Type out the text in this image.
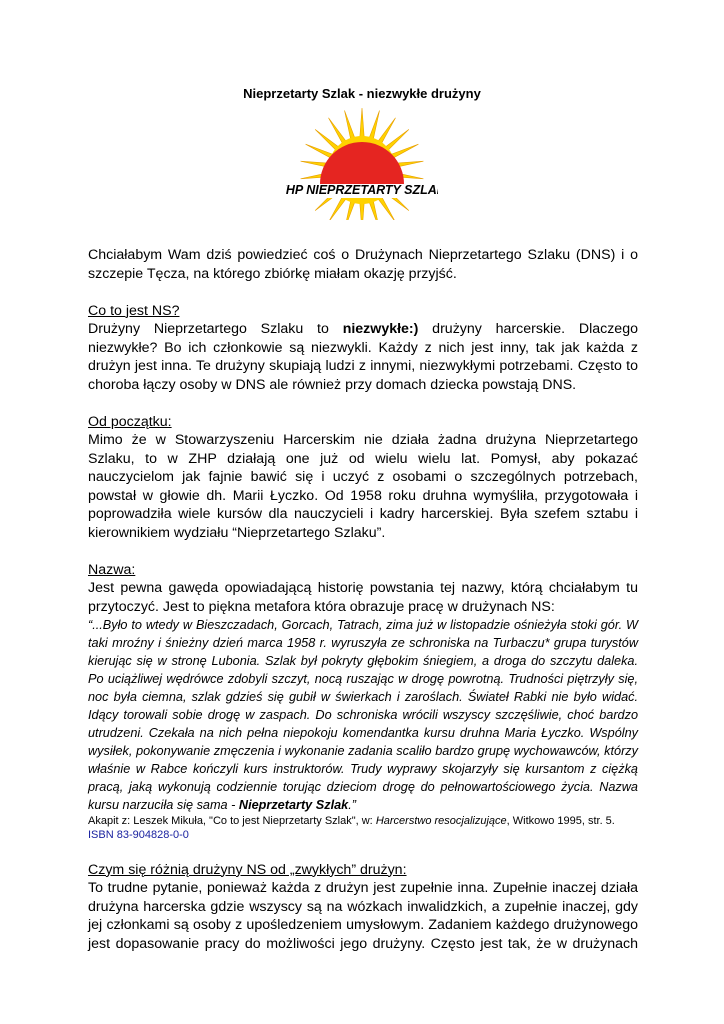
Nieprzetarty Szlak - niezwykłe drużyny
ZHP NIEPRZETARTY SZLAK

Chciałabym Wam dziś powiedzieć coś o Drużynach Nieprzetartego Szlaku (DNS) i o szczepie Tęcza, na którego zbiórkę miałam okazję przyjść.

Co to jest NS?

Drużyny Nieprzetartego Szlaku to niezwykłe:) drużyny harcerskie. Dlaczego niezwykłe? Bo ich członkowie są niezwykli. Każdy z nich jest inny, tak jak każda z drużyn jest inna. Te drużyny skupiają ludzi z innymi, niezwykłymi potrzebami. Często to choroba łączy osoby w DNS ale również przy domach dziecka powstają DNS.

Od początku:

Mimo że w Stowarzyszeniu Harcerskim nie działa żadna drużyna Nieprzetartego Szlaku, to w ZHP działają one już od wielu wielu lat. Pomysł, aby pokazać nauczycielom jak fajnie bawić się i uczyć z osobami o szczególnych potrzebach, powstał w głowie dh. Marii Łyczko. Od 1958 roku druhna wymyśliła, przygotowała i poprowadziła wiele kursów dla nauczycieli i kadry harcerskiej. Była szefem sztabu i kierownikiem wydziału “Nieprzetartego Szlaku”.

Nazwa:

Jest pewna gawęda opowiadającą historię powstania tej nazwy, którą chciałabym tu przytoczyć. Jest to piękna metafora która obrazuje pracę w drużynach NS:

“...Było to wtedy w Bieszczadach, Gorcach, Tatrach, zima już w listopadzie ośnieżyła stoki gór. W taki mroźny i śnieżny dzień marca 1958 r. wyruszyła ze schroniska na Turbaczu* grupa turystów kierując się w stronę Lubonia. Szlak był pokryty głębokim śniegiem, a droga do szczytu daleka. Po uciążliwej wędrówce zdobyli szczyt, nocą ruszając w drogę powrotną. Trudności piętrzyły się, noc była ciemna, szlak gdzieś się gubił w świerkach i zaroślach. Świateł Rabki nie było widać. Idący torowali sobie drogę w zaspach. Do schroniska wrócili wszyscy szczęśliwie, choć bardzo utrudzeni. Czekała na nich pełna niepokoju komendantka kursu druhna Maria Łyczko. Wspólny wysiłek, pokonywanie zmęczenia i wykonanie zadania scaliło bardzo grupę wychowawców, którzy właśnie w Rabce kończyli kurs instruktorów. Trudy wyprawy skojarzyły się kursantom z ciężką pracą, jaką wykonują codziennie torując dzieciom drogę do pełnowartościowego życia. Nazwa kursu narzuciła się sama - Nieprzetarty Szlak.”

Akapit z: Leszek Mikuła, "Co to jest Nieprzetarty Szlak", w: Harcerstwo resocjalizujące, Witkowo 1995, str. 5.

ISBN 83-904828-0-0

Czym się różnią drużyny NS od „zwykłych” drużyn:

To trudne pytanie, ponieważ każda z drużyn jest zupełnie inna. Zupełnie inaczej działa drużyna harcerska gdzie wszyscy są na wózkach inwalidzkich, a zupełnie inaczej, gdy jej członkami są osoby z upośledzeniem umysłowym. Zadaniem każdego drużynowego jest dopasowanie pracy do możliwości jego drużyny. Często jest tak, że w drużynach
